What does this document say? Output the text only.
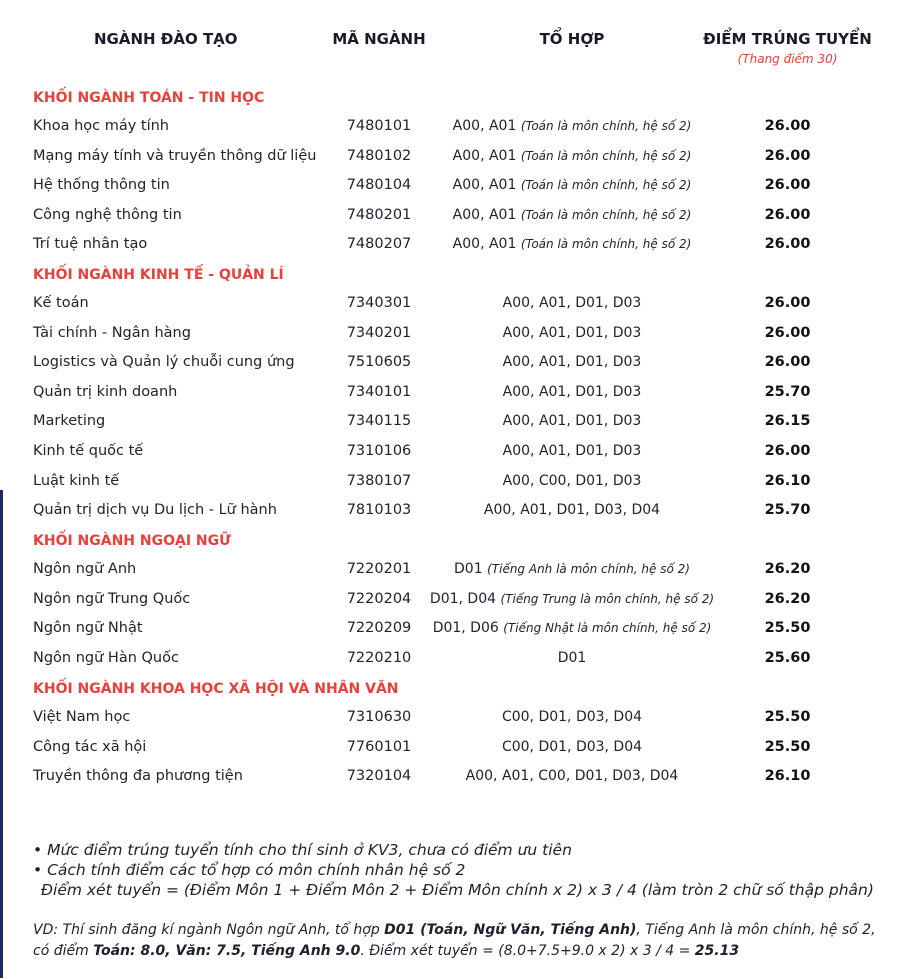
NGÀNH ĐÀO TẠO	MÃ NGÀNH	TỔ HỢP	ĐIỂM TRÚNG TUYỂN
(Thang điểm 30)
KHỐI NGÀNH TOÁN - TIN HỌC
Khoa học máy tính	7480101	A00, A01 (Toán là môn chính, hệ số 2)	26.00
Mạng máy tính và truyền thông dữ liệu	7480102	A00, A01 (Toán là môn chính, hệ số 2)	26.00
Hệ thống thông tin	7480104	A00, A01 (Toán là môn chính, hệ số 2)	26.00
Công nghệ thông tin	7480201	A00, A01 (Toán là môn chính, hệ số 2)	26.00
Trí tuệ nhân tạo	7480207	A00, A01 (Toán là môn chính, hệ số 2)	26.00
KHỐI NGÀNH KINH TẾ - QUẢN LÍ
Kế toán	7340301	A00, A01, D01, D03	26.00
Tài chính - Ngân hàng	7340201	A00, A01, D01, D03	26.00
Logistics và Quản lý chuỗi cung ứng	7510605	A00, A01, D01, D03	26.00
Quản trị kinh doanh	7340101	A00, A01, D01, D03	25.70
Marketing	7340115	A00, A01, D01, D03	26.15
Kinh tế quốc tế	7310106	A00, A01, D01, D03	26.00
Luật kinh tế	7380107	A00, C00, D01, D03	26.10
Quản trị dịch vụ Du lịch - Lữ hành	7810103	A00, A01, D01, D03, D04	25.70
KHỐI NGÀNH NGOẠI NGỮ
Ngôn ngữ Anh	7220201	D01 (Tiếng Anh là môn chính, hệ số 2)	26.20
Ngôn ngữ Trung Quốc	7220204	D01, D04 (Tiếng Trung là môn chính, hệ số 2)	26.20
Ngôn ngữ Nhật	7220209	D01, D06 (Tiếng Nhật là môn chính, hệ số 2)	25.50
Ngôn ngữ Hàn Quốc	7220210	D01	25.60
KHỐI NGÀNH KHOA HỌC XÃ HỘI VÀ NHÂN VĂN
Việt Nam học	7310630	C00, D01, D03, D04	25.50
Công tác xã hội	7760101	C00, D01, D03, D04	25.50
Truyền thông đa phương tiện	7320104	A00, A01, C00, D01, D03, D04	26.10
• Mức điểm trúng tuyển tính cho thí sinh ở KV3, chưa có điểm ưu tiên
• Cách tính điểm các tổ hợp có môn chính nhân hệ số 2
Điểm xét tuyển = (Điểm Môn 1 + Điểm Môn 2 + Điểm Môn chính x 2) x 3 / 4 (làm tròn 2 chữ số thập phân)
VD: Thí sinh đăng kí ngành Ngôn ngữ Anh, tổ hợp D01 (Toán, Ngữ Văn, Tiếng Anh), Tiếng Anh là môn chính, hệ số 2,
có điểm Toán: 8.0, Văn: 7.5, Tiếng Anh 9.0. Điểm xét tuyển = (8.0+7.5+9.0 x 2) x 3 / 4 = 25.13
